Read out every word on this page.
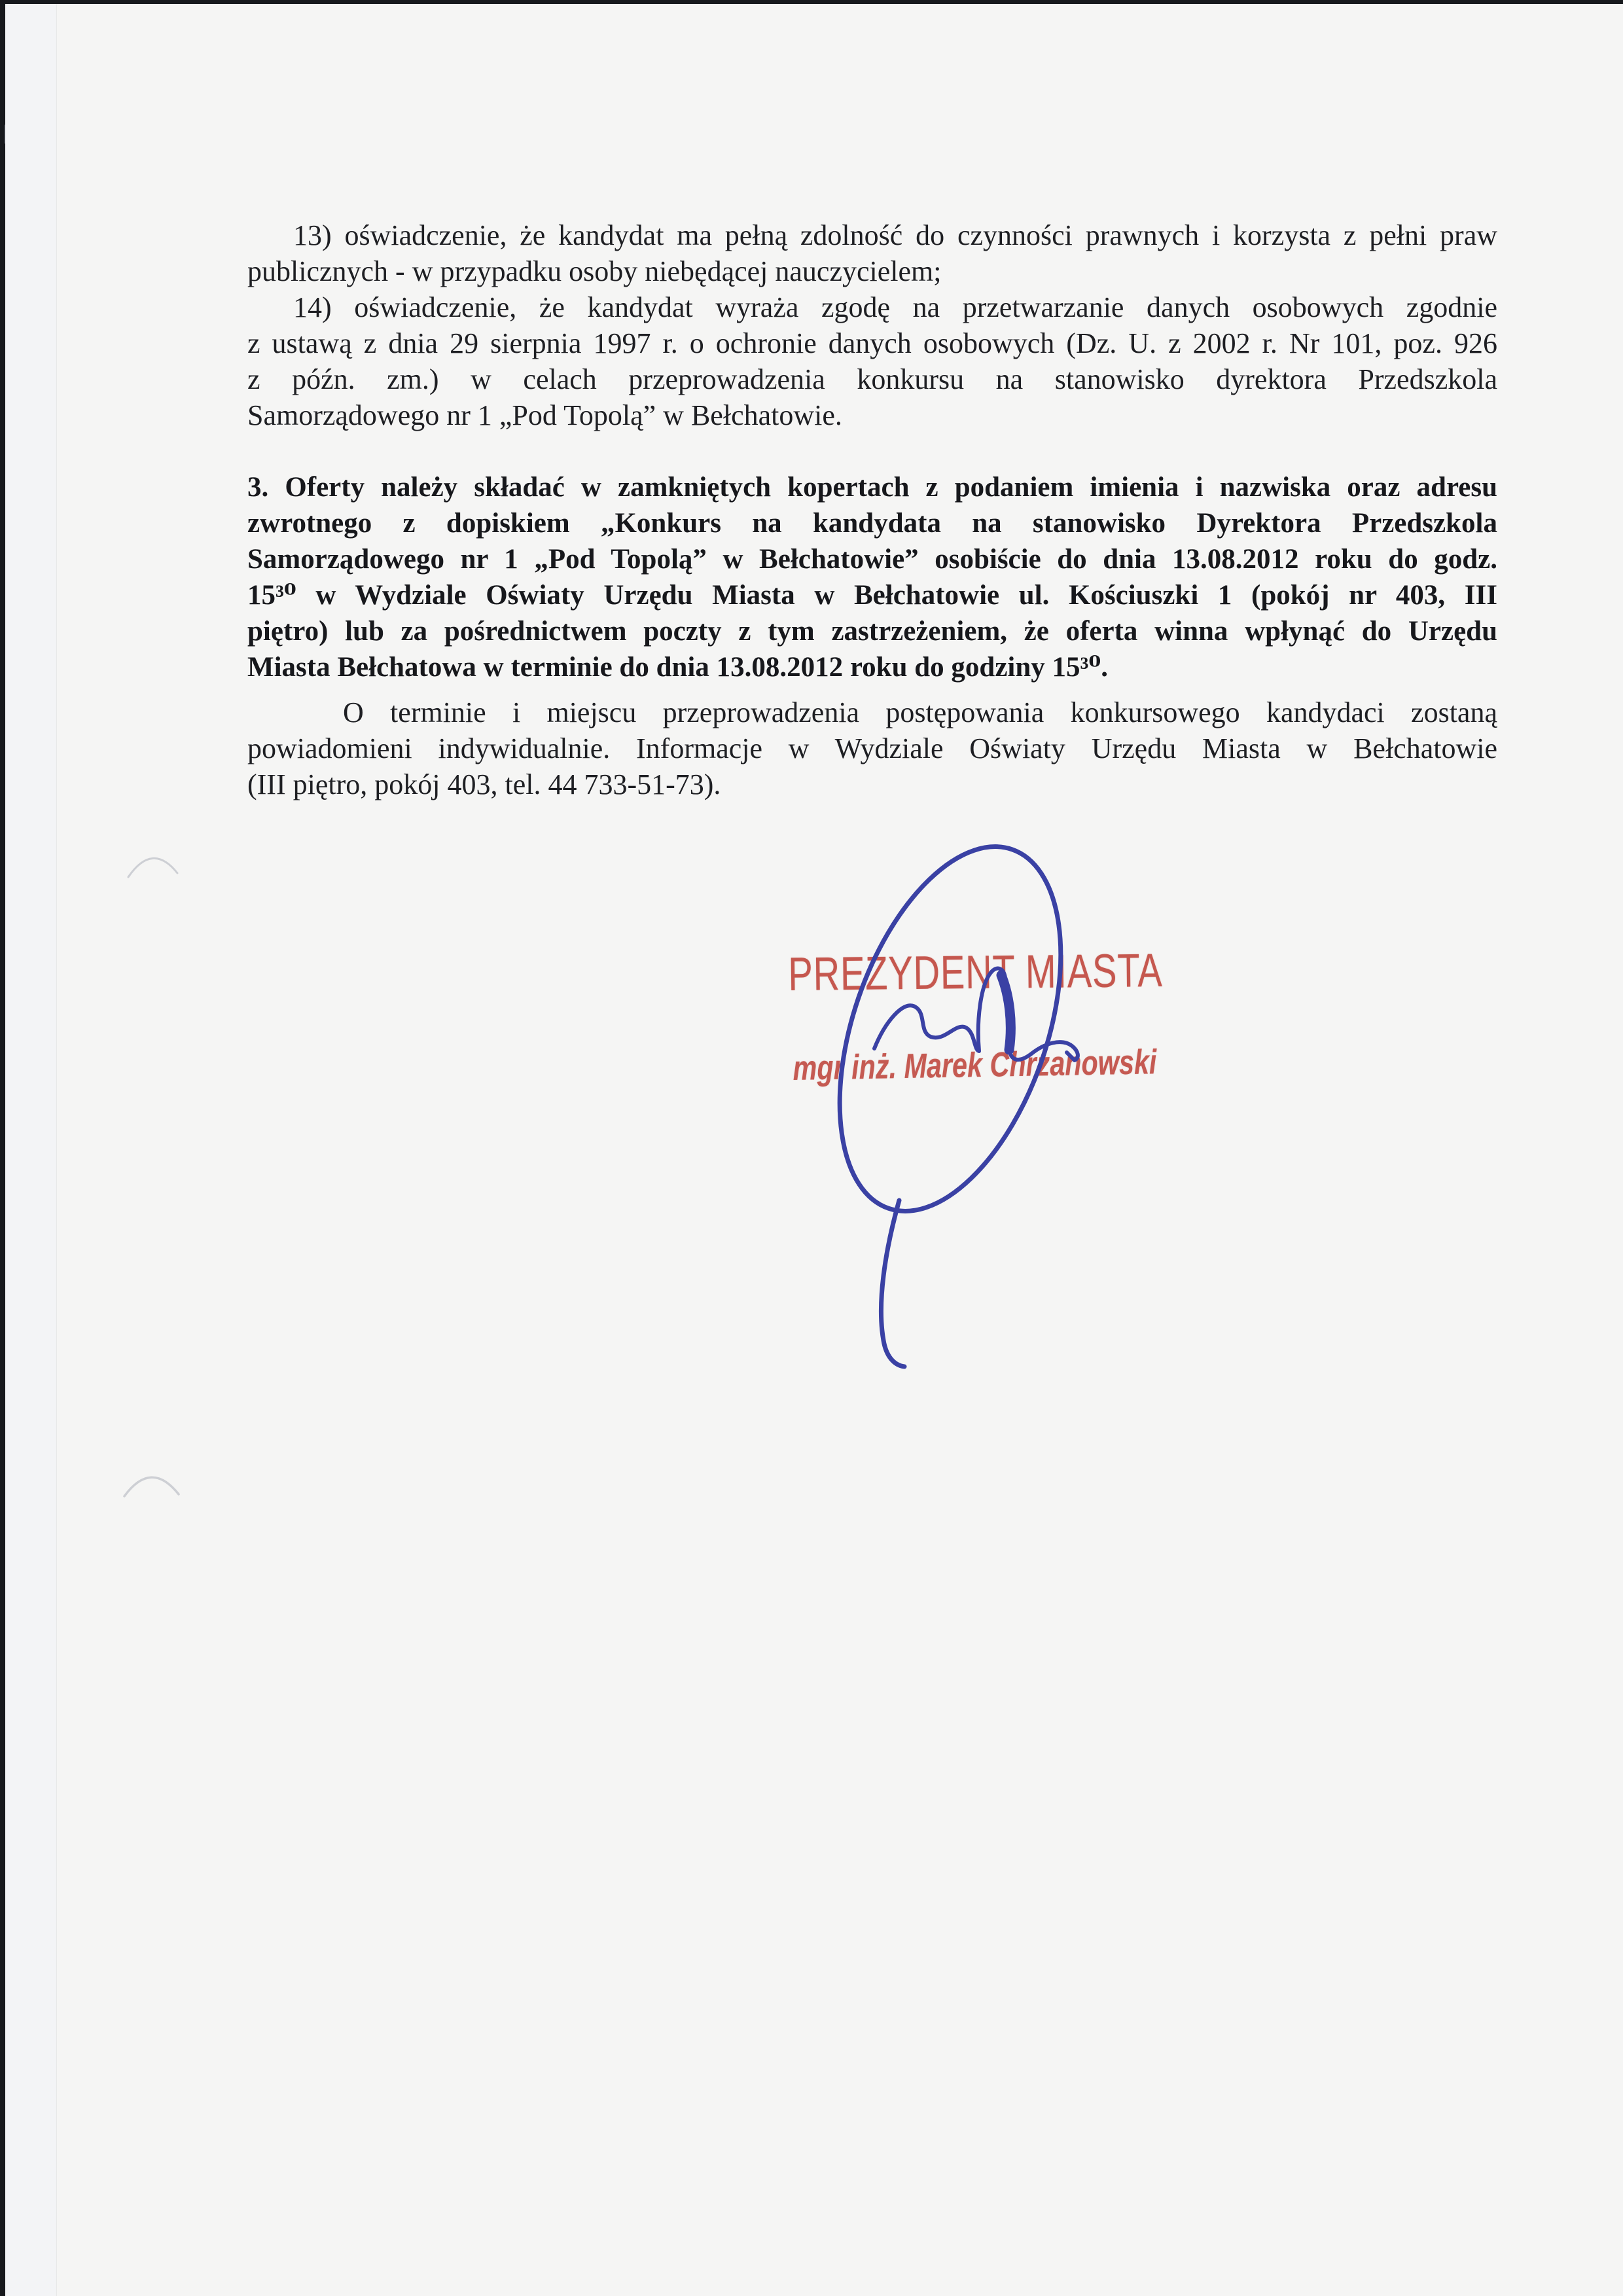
13) oświadczenie, że kandydat ma pełną zdolność do czynności prawnych i korzysta z pełni praw
publicznych - w przypadku osoby niebędącej nauczycielem;
14) oświadczenie, że kandydat wyraża zgodę na przetwarzanie danych osobowych zgodnie
z ustawą z dnia 29 sierpnia 1997 r. o ochronie danych osobowych (Dz. U. z 2002 r. Nr 101, poz. 926
z późn. zm.) w celach przeprowadzenia konkursu na stanowisko dyrektora Przedszkola
Samorządowego nr 1 „Pod Topolą” w Bełchatowie.
3. Oferty należy składać w zamkniętych kopertach z podaniem imienia i nazwiska oraz adresu
zwrotnego z dopiskiem „Konkurs na kandydata na stanowisko Dyrektora Przedszkola
Samorządowego nr 1 „Pod Topolą” w Bełchatowie” osobiście do dnia 13.08.2012 roku do godz.
15³⁰ w Wydziale Oświaty Urzędu Miasta w Bełchatowie ul. Kościuszki 1 (pokój nr 403, III
piętro) lub za pośrednictwem poczty z tym zastrzeżeniem, że oferta winna wpłynąć do Urzędu
Miasta Bełchatowa w terminie do dnia 13.08.2012 roku do godziny 15³⁰.
O terminie i miejscu przeprowadzenia postępowania konkursowego kandydaci zostaną
powiadomieni indywidualnie. Informacje w Wydziale Oświaty Urzędu Miasta w Bełchatowie
(III piętro, pokój 403, tel. 44 733-51-73).
PREZYDENT MIASTA
mgr inż. Marek Chrzanowski
